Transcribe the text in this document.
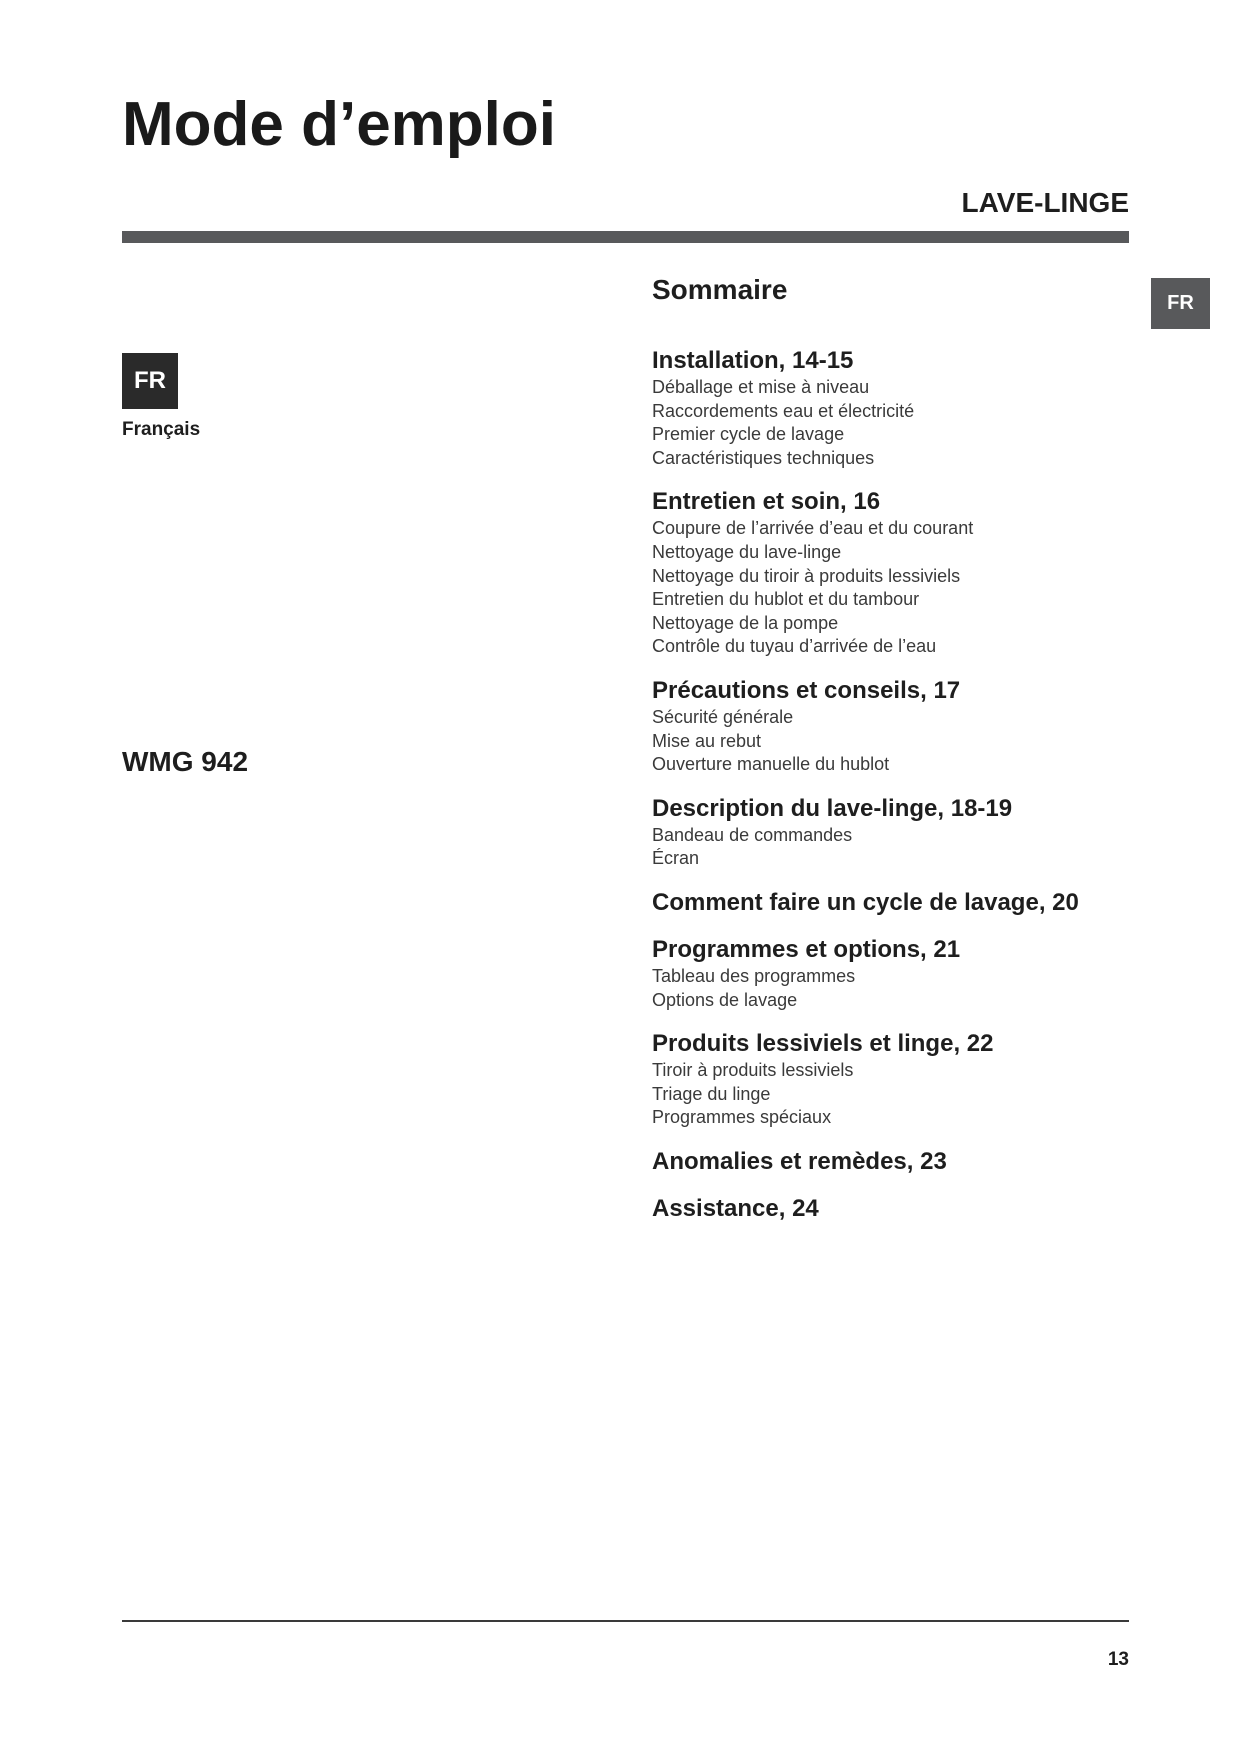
Mode d’emploi
LAVE-LINGE
FR
FR
Français
WMG 942
Sommaire
Installation, 14-15
Déballage et mise à niveau
Raccordements eau et électricité
Premier cycle de lavage
Caractéristiques techniques
Entretien et soin, 16
Coupure de l’arrivée d’eau et du courant
Nettoyage du lave-linge
Nettoyage du tiroir à produits lessiviels
Entretien du hublot et du tambour
Nettoyage de la pompe
Contrôle du tuyau d’arrivée de l’eau
Précautions et conseils, 17
Sécurité générale
Mise au rebut
Ouverture manuelle du hublot
Description du lave-linge, 18-19
Bandeau de commandes
Écran
Comment faire un cycle de lavage, 20
Programmes et options, 21
Tableau des programmes
Options de lavage
Produits lessiviels et linge, 22
Tiroir à produits lessiviels
Triage du linge
Programmes spéciaux
Anomalies et remèdes, 23
Assistance, 24
13
